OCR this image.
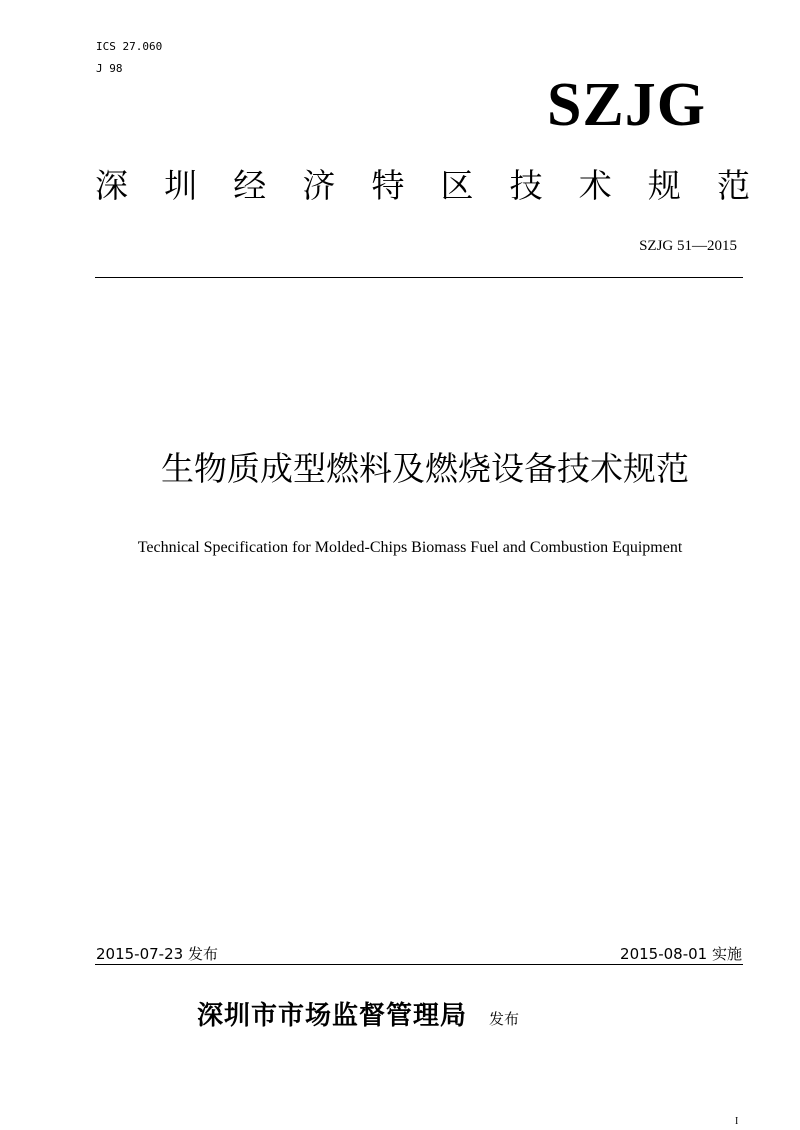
ICS 27.060
J 98
SZJG
深 圳 经 济 特 区 技 术 规 范
SZJG 51—2015
生物质成型燃料及燃烧设备技术规范
Technical Specification for Molded-Chips Biomass Fuel and Combustion Equipment
2015-07-23 发布	2015-08-01 实施
深圳市市场监督管理局 发布
I
